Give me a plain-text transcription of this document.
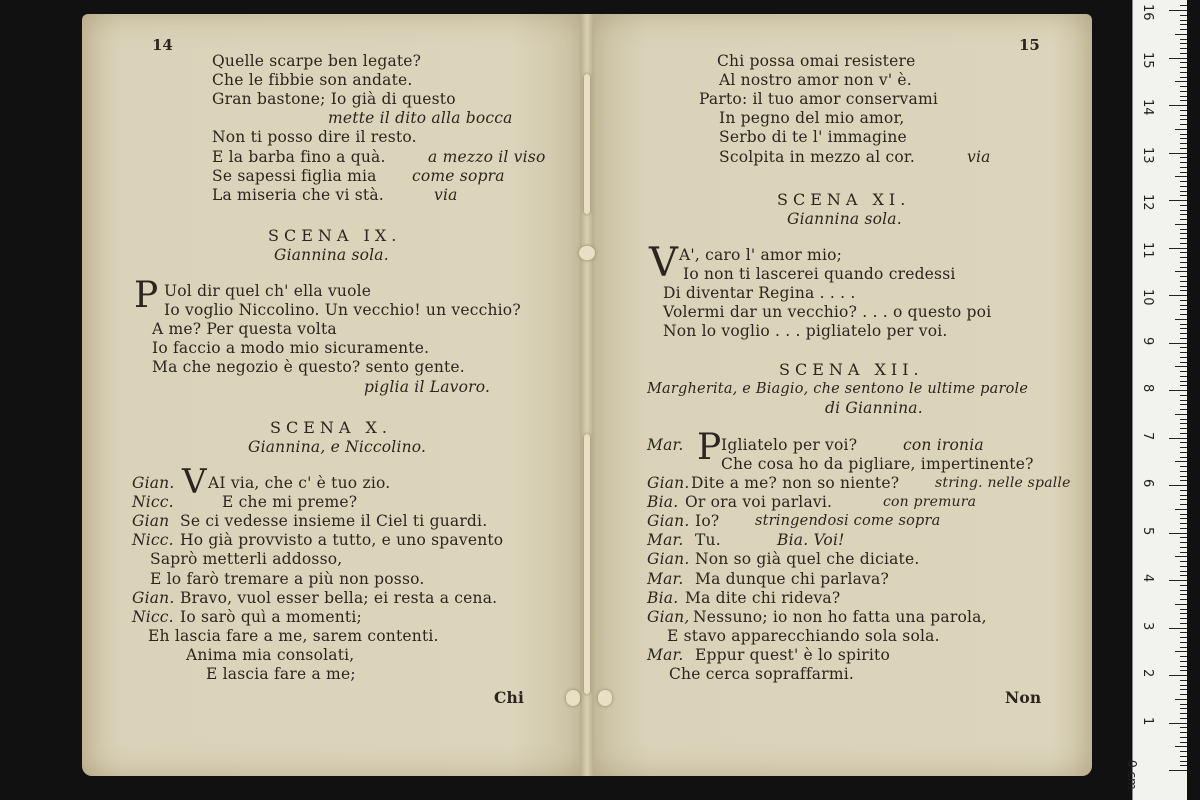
14
Quelle scarpe ben legate?
Che le fibbie son andate.
Gran bastone; Io già di questo
mette il dito alla bocca
Non ti posso dire il resto.
E la barba fino a quà.	a mezzo il viso
Se sapessi figlia mia come sopra
La miseria che vi stà.	via
SCENA IX.
Giannina sola.
P Uol dir quel ch' ella vuole
Io voglio Niccolino. Un vecchio! un vecchio?
A me? Per questa volta
Io faccio a modo mio sicuramente.
Ma che negozio è questo? sento gente.
piglia il Lavoro.
SCENA X.
Giannina, e Niccolino.
Gian. V AI via, che c' è tuo zio.
Nicc.	E che mi preme?
Gian Se ci vedesse insieme il Ciel ti guardi.
Nicc. Ho già provvisto a tutto, e uno spavento
Saprò metterli addosso,
E lo farò tremare a più non posso.
Gian. Bravo, vuol esser bella; ei resta a cena.
Nicc. Io sarò quì a momenti;
Eh lascia fare a me, sarem contenti.
Anima mia consolati,
E lascia fare a me;
Chi
15
Chi possa omai resistere
Al nostro amor non v' è.
Parto: il tuo amor conservami
In pegno del mio amor,
Serbo di te l' immagine
Scolpita in mezzo al cor.	via
SCENA XI.
Giannina sola.
V A', caro l' amor mio;
Io non ti lascerei quando credessi
Di diventar Regina . . . .
Volermi dar un vecchio? . . . o questo poi
Non lo voglio . . . pigliatelo per voi.
SCENA XII.
Margherita, e Biagio, che sentono le ultime parole
di Giannina.
Mar. P Igliatelo per voi?	con ironia
Che cosa ho da pigliare, impertinente?
Gian. Dite a me? non so niente?	string. nelle spalle
Bia. Or ora voi parlavi.	con premura
Gian. Io? stringendosi come sopra
Mar. Tu.	Bia. Voi!
Gian. Non so già quel che diciate.
Mar. Ma dunque chi parlava?
Bia. Ma dite chi rideva?
Gian, Nessuno; io non ho fatta una parola,
E stavo apparecchiando sola sola.
Mar. Eppur quest' è lo spirito
Che cerca sopraffarmi.
Non
0 cm
1
2
3
4
5
6
7
8
9
10
11
12
13
14
15
16
